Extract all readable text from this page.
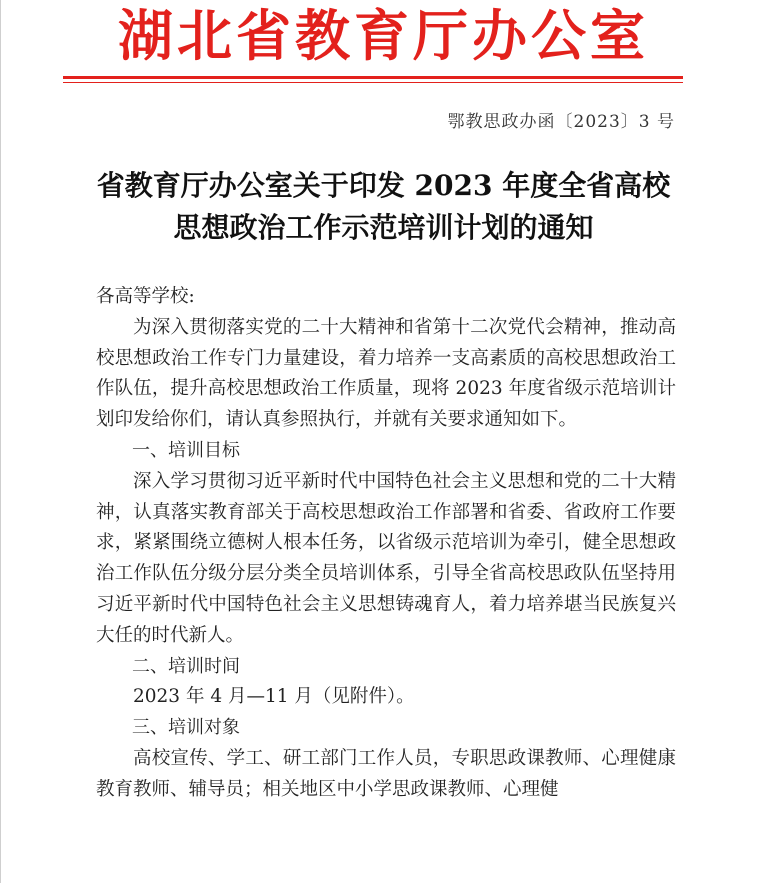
湖北省教育厅办公室
鄂教思政办函〔2023〕3 号
省教育厅办公室关于印发 2023 年度全省高校
思想政治工作示范培训计划的通知

各高等学校:

为深入贯彻落实党的二十大精神和省第十二次党代会精神，推动高校思想政治工作专门力量建设，着力培养一支高素质的高校思想政治工作队伍，提升高校思想政治工作质量，现将 2023 年度省级示范培训计划印发给你们，请认真参照执行，并就有关要求通知如下。

一、培训目标

深入学习贯彻习近平新时代中国特色社会主义思想和党的二十大精神，认真落实教育部关于高校思想政治工作部署和省委、省政府工作要求，紧紧围绕立德树人根本任务，以省级示范培训为牵引，健全思想政治工作队伍分级分层分类全员培训体系，引导全省高校思政队伍坚持用习近平新时代中国特色社会主义思想铸魂育人，着力培养堪当民族复兴大任的时代新人。

二、培训时间

2023 年 4 月—11 月（见附件）。

三、培训对象

高校宣传、学工、研工部门工作人员，专职思政课教师、心理健康教育教师、辅导员；相关地区中小学思政课教师、心理健
